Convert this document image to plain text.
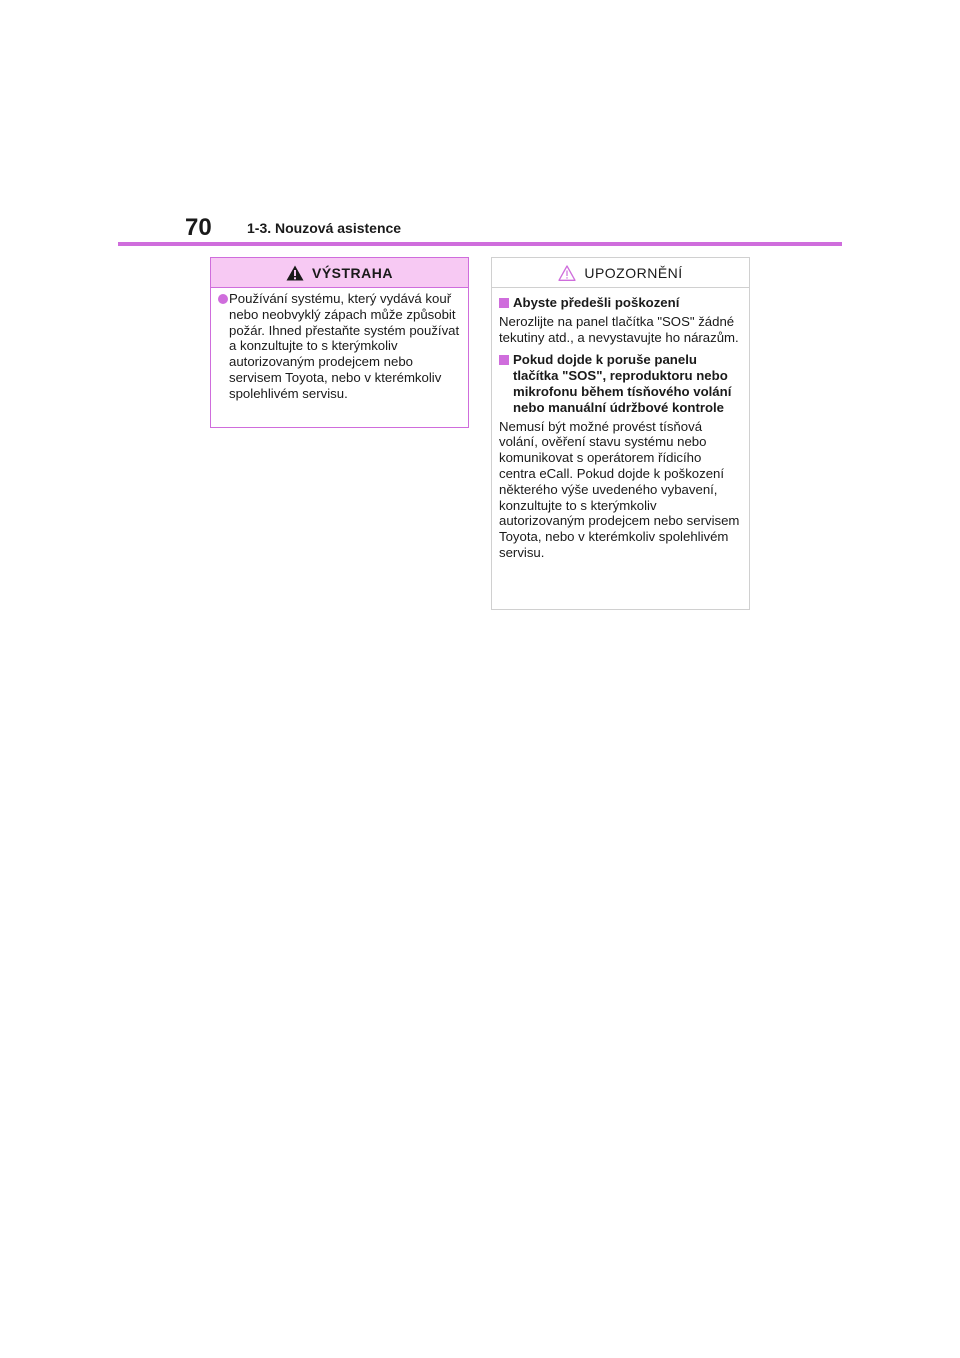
70	1-3. Nouzová asistence
VÝSTRAHA
Používání systému, který vydává kouř nebo neobvyklý zápach může způsobit požár. Ihned přestaňte systém používat a konzultujte to s kterýmkoliv autorizovaným prodejcem nebo servisem Toyota, nebo v kterémkoliv spolehlivém servisu.
UPOZORNĚNÍ
Abyste předešli poškození
Nerozlijte na panel tlačítka "SOS" žádné tekutiny atd., a nevystavujte ho nárazům.
Pokud dojde k poruše panelu tlačítka "SOS", reproduktoru nebo mikrofonu během tísňového volání nebo manuální údržbové kontrole
Nemusí být možné provést tísňová volání, ověření stavu systému nebo komunikovat s operátorem řídicího centra eCall. Pokud dojde k poškození některého výše uvedeného vybavení, konzultujte to s kterýmkoliv autorizovaným prodejcem nebo servisem Toyota, nebo v kterémkoliv spolehlivém servisu.
